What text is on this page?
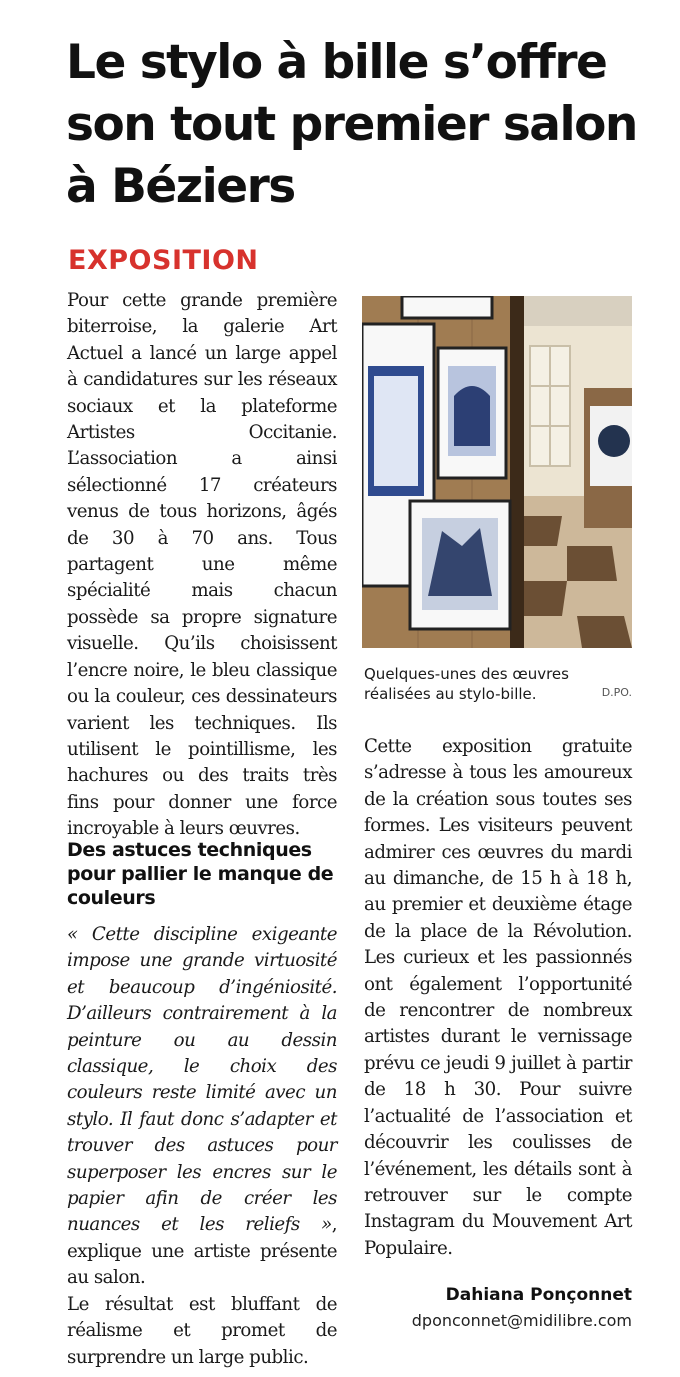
Le stylo à bille s’offre son tout premier salon à Béziers
EXPOSITION

Pour cette grande première biterroise, la galerie Art Actuel a lancé un large appel à candidatures sur les réseaux sociaux et la plateforme Artistes Occitanie. L’association a ainsi sélectionné 17 créateurs venus de tous horizons, âgés de 30 à 70 ans. Tous partagent une même spécialité mais chacun possède sa propre signature visuelle. Qu’ils choisissent l’encre noire, le bleu classique ou la couleur, ces dessinateurs varient les techniques. Ils utilisent le pointillisme, les hachures ou des traits très fins pour donner une force incroyable à leurs œuvres.

Des astuces techniques pour pallier le manque de couleurs

« Cette discipline exigeante impose une grande virtuosité et beaucoup d’ingéniosité. D’ailleurs contrairement à la peinture ou au dessin classique, le choix des couleurs reste limité avec un stylo. Il faut donc s’adapter et trouver des astuces pour superposer les encres sur le papier afin de créer les nuances et les reliefs », explique une artiste présente au salon.

Le résultat est bluffant de réalisme et promet de surprendre un large public.

Quelques-unes des œuvres réalisées au stylo-bille.	D.PO.

Cette exposition gratuite s’adresse à tous les amoureux de la création sous toutes ses formes. Les visiteurs peuvent admirer ces œuvres du mardi au dimanche, de 15 h à 18 h, au premier et deuxième étage de la place de la Révolution. Les curieux et les passionnés ont également l’opportunité de rencontrer de nombreux artistes durant le vernissage prévu ce jeudi 9 juillet à partir de 18 h 30. Pour suivre l’actualité de l’association et découvrir les coulisses de l’événement, les détails sont à retrouver sur le compte Instagram du Mouvement Art Populaire.

Dahiana Ponçonnet
dponconnet@midilibre.com
